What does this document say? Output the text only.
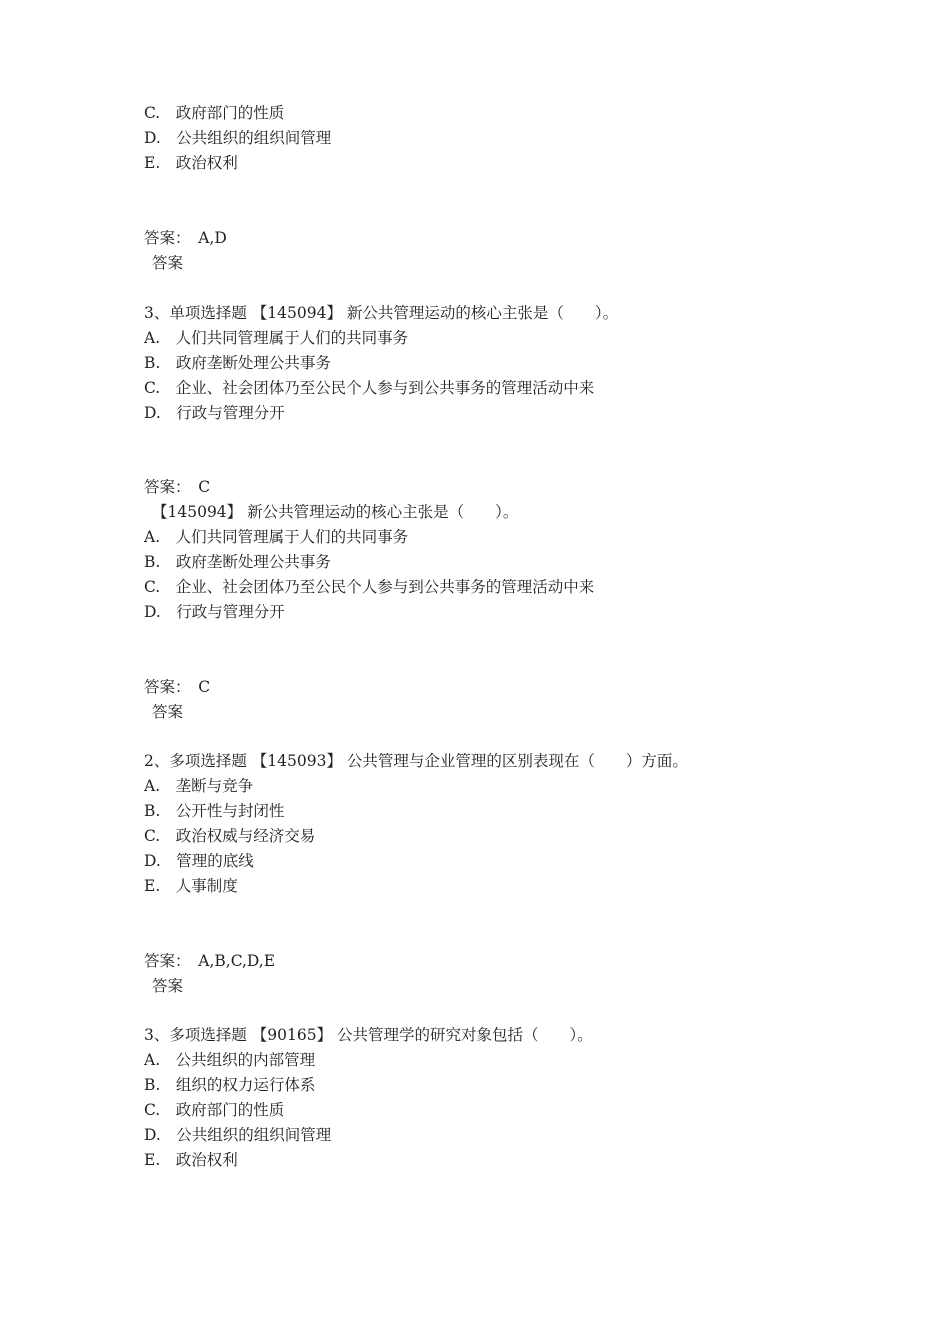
C.　政府部门的性质
D.　公共组织的组织间管理
E.　政治权利
答案：　A,D
答案
3、单项选择题 【145094】 新公共管理运动的核心主张是（　　）。
A.　人们共同管理属于人们的共同事务
B.　政府垄断处理公共事务
C.　企业、社会团体乃至公民个人参与到公共事务的管理活动中来
D.　行政与管理分开
答案：　C
【145094】 新公共管理运动的核心主张是（　　）。
A.　人们共同管理属于人们的共同事务
B.　政府垄断处理公共事务
C.　企业、社会团体乃至公民个人参与到公共事务的管理活动中来
D.　行政与管理分开
答案：　C
答案
2、多项选择题 【145093】 公共管理与企业管理的区别表现在（　　）方面。
A.　垄断与竞争
B.　公开性与封闭性
C.　政治权威与经济交易
D.　管理的底线
E.　人事制度
答案：　A,B,C,D,E
答案
3、多项选择题 【90165】 公共管理学的研究对象包括（　　）。
A.　公共组织的内部管理
B.　组织的权力运行体系
C.　政府部门的性质
D.　公共组织的组织间管理
E.　政治权利
